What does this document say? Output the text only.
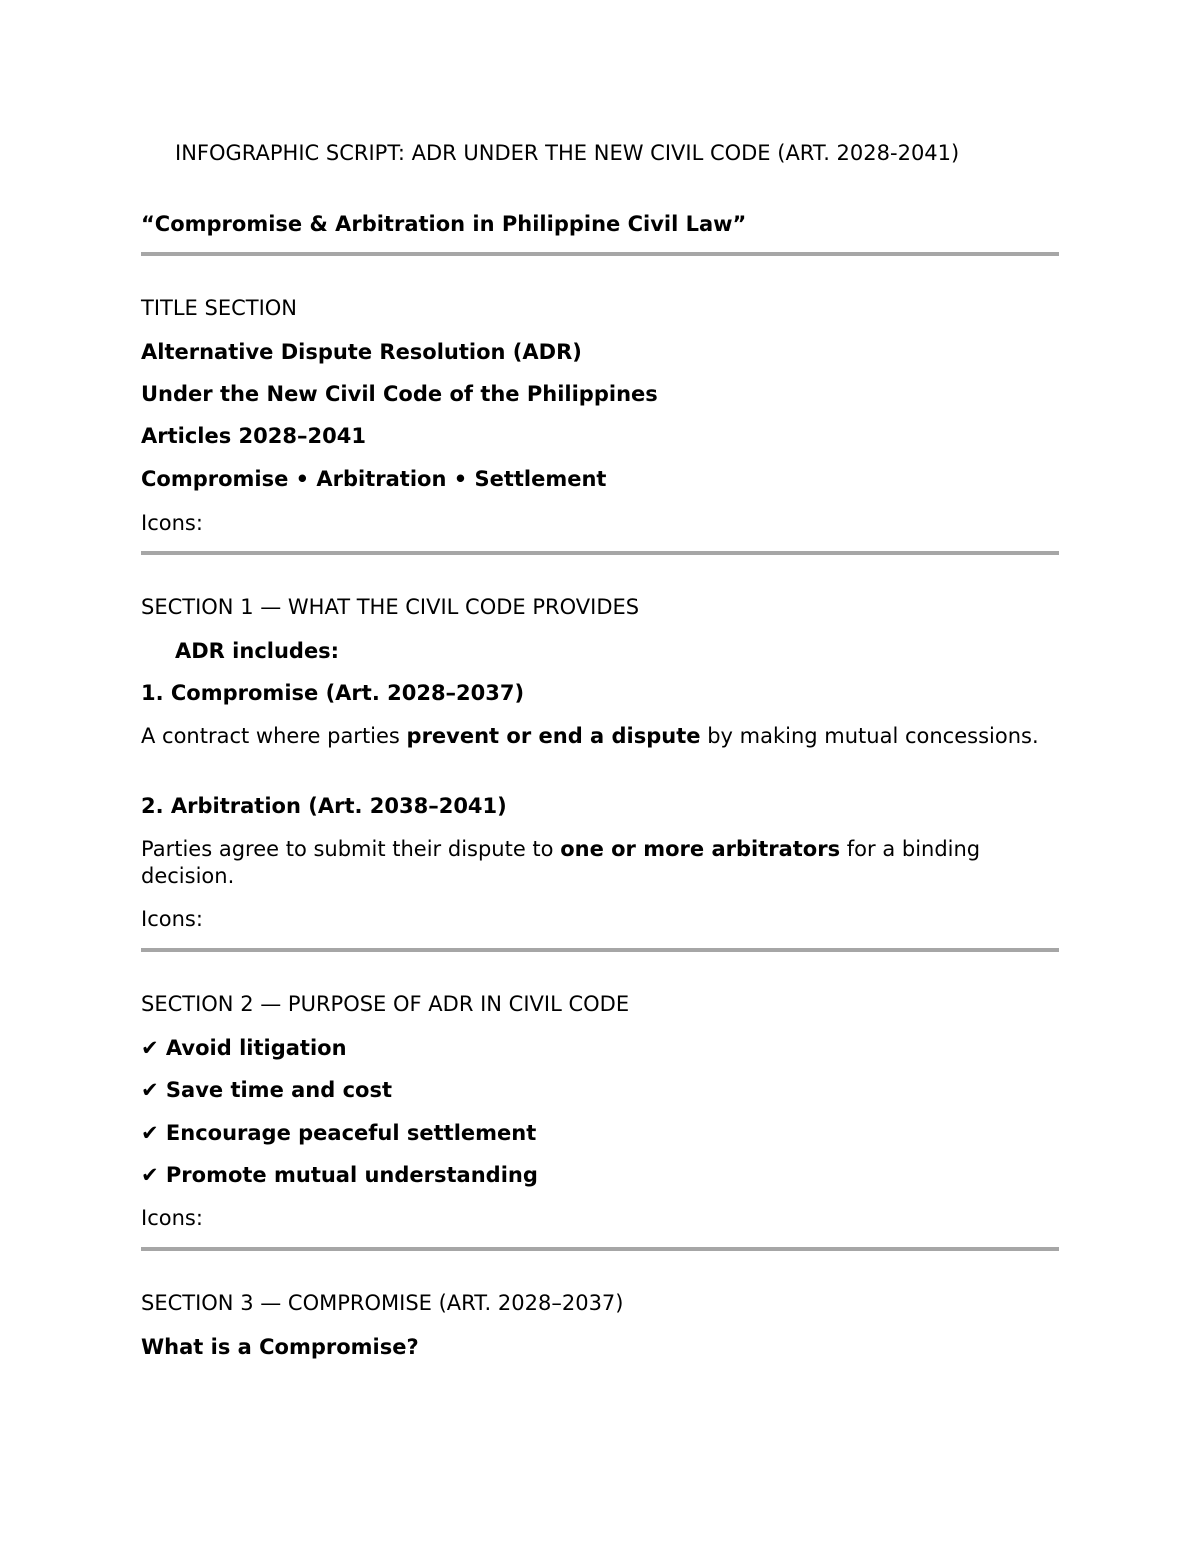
INFOGRAPHIC SCRIPT: ADR UNDER THE NEW CIVIL CODE (ART. 2028-2041)
“Compromise & Arbitration in Philippine Civil Law”
TITLE SECTION
Alternative Dispute Resolution (ADR)
Under the New Civil Code of the Philippines
Articles 2028–2041
Compromise • Arbitration • Settlement
Icons:
SECTION 1 — WHAT THE CIVIL CODE PROVIDES
ADR includes:
1. Compromise (Art. 2028–2037)
A contract where parties prevent or end a dispute by making mutual concessions.
2. Arbitration (Art. 2038–2041)
Parties agree to submit their dispute to one or more arbitrators for a binding decision.
Icons:
SECTION 2 — PURPOSE OF ADR IN CIVIL CODE
✔ Avoid litigation
✔ Save time and cost
✔ Encourage peaceful settlement
✔ Promote mutual understanding
Icons:
SECTION 3 — COMPROMISE (ART. 2028–2037)
What is a Compromise?
